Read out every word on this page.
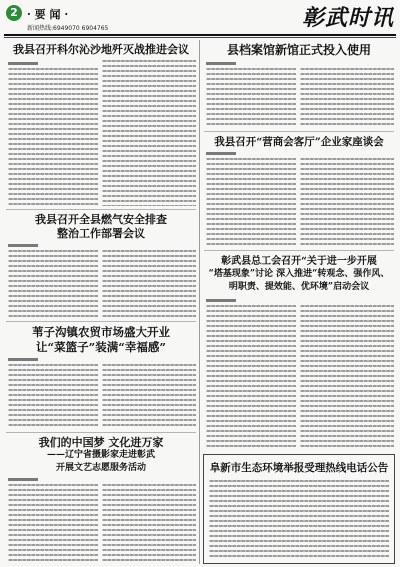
2 · 要 闻 ·
新闻热线:6949070 6904765	彰武时讯
我县召开科尔沁沙地歼灭战推进会议
我县召开全县燃气安全排查
整治工作部署会议
苇子沟镇农贸市场盛大开业
让“菜篮子”装满“幸福感”
我们的中国梦 文化进万家
——辽宁省摄影家走进彰武
开展文艺志愿服务活动
县档案馆新馆正式投入使用
我县召开“营商会客厅”企业家座谈会
彰武县总工会召开“关于进一步开展
“塔基现象”讨论 深入推进“转观念、强作风、
明职责、提效能、优环境”启动会议
阜新市生态环境举报受理热线电话公告
